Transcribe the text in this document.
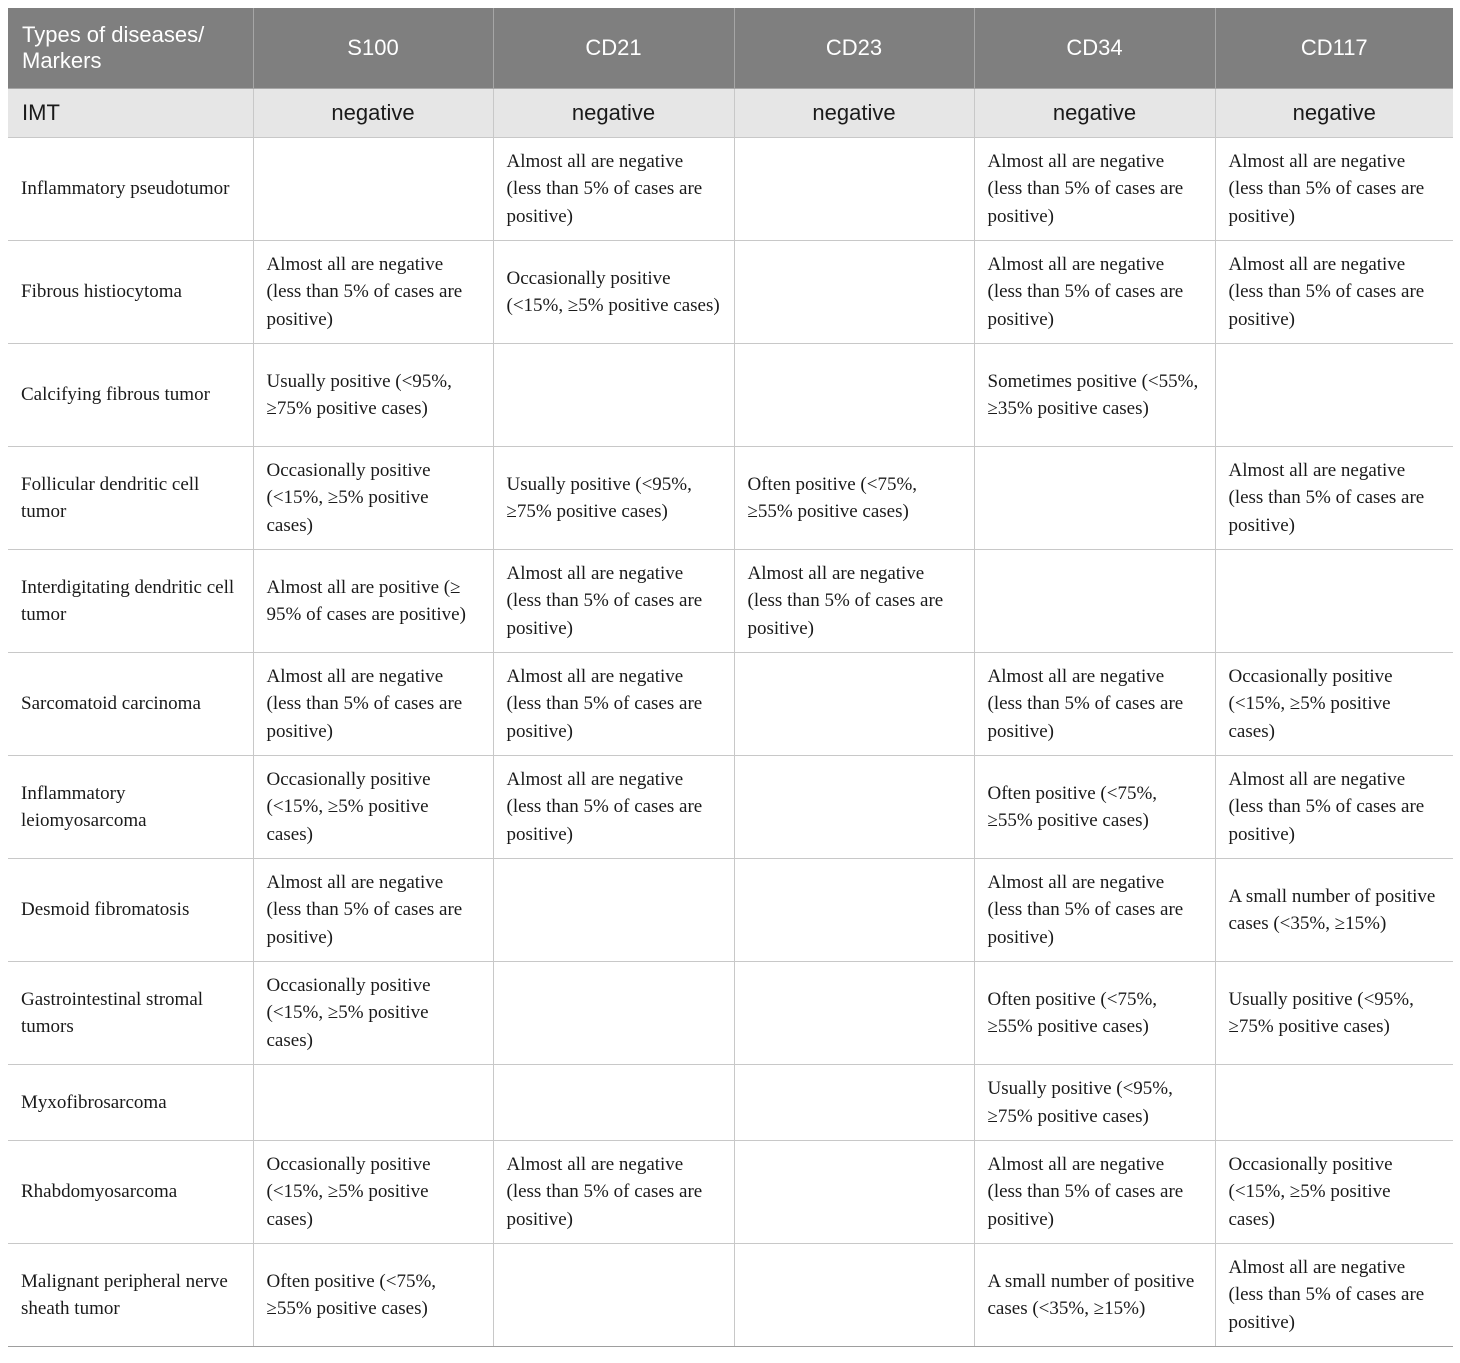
Types of diseases/ Markers	S100	CD21	CD23	CD34	CD117
IMT	negative	negative	negative	negative	negative
Inflammatory pseudotumor		Almost all are negative (less than 5% of cases are positive)		Almost all are negative (less than 5% of cases are positive)	Almost all are negative (less than 5% of cases are positive)
Fibrous histiocytoma	Almost all are negative (less than 5% of cases are positive)	Occasionally positive (<15%, ≥5% positive cases)		Almost all are negative (less than 5% of cases are positive)	Almost all are negative (less than 5% of cases are positive)
Calcifying fibrous tumor	Usually positive (<95%, ≥75% positive cases)			Sometimes positive (<55%, ≥35% positive cases)	
Follicular dendritic cell tumor	Occasionally positive (<15%, ≥5% positive cases)	Usually positive (<95%, ≥75% positive cases)	Often positive (<75%, ≥55% positive cases)		Almost all are negative (less than 5% of cases are positive)
Interdigitating dendritic cell tumor	Almost all are positive (≥ 95% of cases are positive)	Almost all are negative (less than 5% of cases are positive)	Almost all are negative (less than 5% of cases are positive)		
Sarcomatoid carcinoma	Almost all are negative (less than 5% of cases are positive)	Almost all are negative (less than 5% of cases are positive)		Almost all are negative (less than 5% of cases are positive)	Occasionally positive (<15%, ≥5% positive cases)
Inflammatory leiomyosarcoma	Occasionally positive (<15%, ≥5% positive cases)	Almost all are negative (less than 5% of cases are positive)		Often positive (<75%, ≥55% positive cases)	Almost all are negative (less than 5% of cases are positive)
Desmoid fibromatosis	Almost all are negative (less than 5% of cases are positive)			Almost all are negative (less than 5% of cases are positive)	A small number of positive cases (<35%, ≥15%)
Gastrointestinal stromal tumors	Occasionally positive (<15%, ≥5% positive cases)			Often positive (<75%, ≥55% positive cases)	Usually positive (<95%, ≥75% positive cases)
Myxofibrosarcoma				Usually positive (<95%, ≥75% positive cases)	
Rhabdomyosarcoma	Occasionally positive (<15%, ≥5% positive cases)	Almost all are negative (less than 5% of cases are positive)		Almost all are negative (less than 5% of cases are positive)	Occasionally positive (<15%, ≥5% positive cases)
Malignant peripheral nerve sheath tumor	Often positive (<75%, ≥55% positive cases)			A small number of positive cases (<35%, ≥15%)	Almost all are negative (less than 5% of cases are positive)
